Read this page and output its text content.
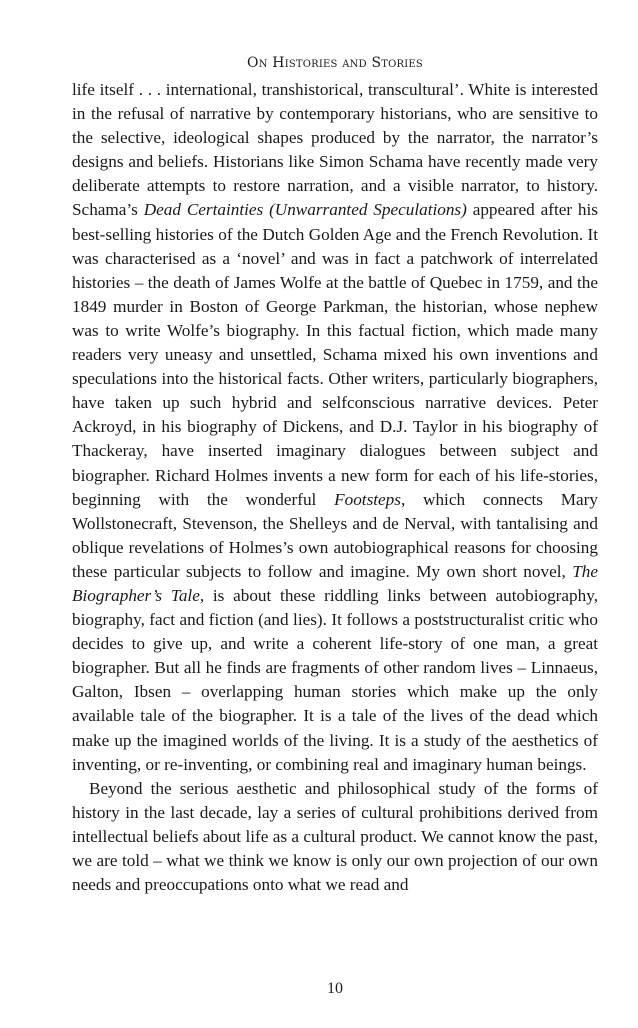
On Histories and Stories

life itself . . . international, transhistorical, transcultural’. White is interested in the refusal of narrative by contemporary historians, who are sensitive to the selective, ideological shapes produced by the narrator, the narrator’s designs and beliefs. Historians like Simon Schama have recently made very deliberate attempts to restore narration, and a visible narrator, to history. Schama’s Dead Certainties (Unwarranted Speculations) appeared after his best-selling histories of the Dutch Golden Age and the French Revolution. It was characterised as a ‘novel’ and was in fact a patchwork of interrelated histories – the death of James Wolfe at the battle of Quebec in 1759, and the 1849 murder in Boston of George Parkman, the historian, whose nephew was to write Wolfe’s biography. In this factual fiction, which made many readers very uneasy and unsettled, Schama mixed his own inventions and speculations into the historical facts. Other writers, particularly biographers, have taken up such hybrid and selfconscious narrative devices. Peter Ackroyd, in his biography of Dickens, and D.J. Taylor in his biography of Thackeray, have inserted imaginary dialogues between subject and biographer. Richard Holmes invents a new form for each of his life-stories, beginning with the wonderful Footsteps, which connects Mary Wollstonecraft, Stevenson, the Shelleys and de Nerval, with tantalising and oblique revelations of Holmes’s own autobiographical reasons for choosing these particular subjects to follow and imagine. My own short novel, The Biographer’s Tale, is about these riddling links between autobiography, biography, fact and fiction (and lies). It follows a poststructuralist critic who decides to give up, and write a coherent life-story of one man, a great biographer. But all he finds are fragments of other random lives – Linnaeus, Galton, Ibsen – overlapping human stories which make up the only available tale of the biographer. It is a tale of the lives of the dead which make up the imagined worlds of the living. It is a study of the aesthetics of inventing, or re-inventing, or combining real and imaginary human beings.

Beyond the serious aesthetic and philosophical study of the forms of history in the last decade, lay a series of cultural prohibitions derived from intellectual beliefs about life as a cultural product. We cannot know the past, we are told – what we think we know is only our own projection of our own needs and preoccupations onto what we read and

10
